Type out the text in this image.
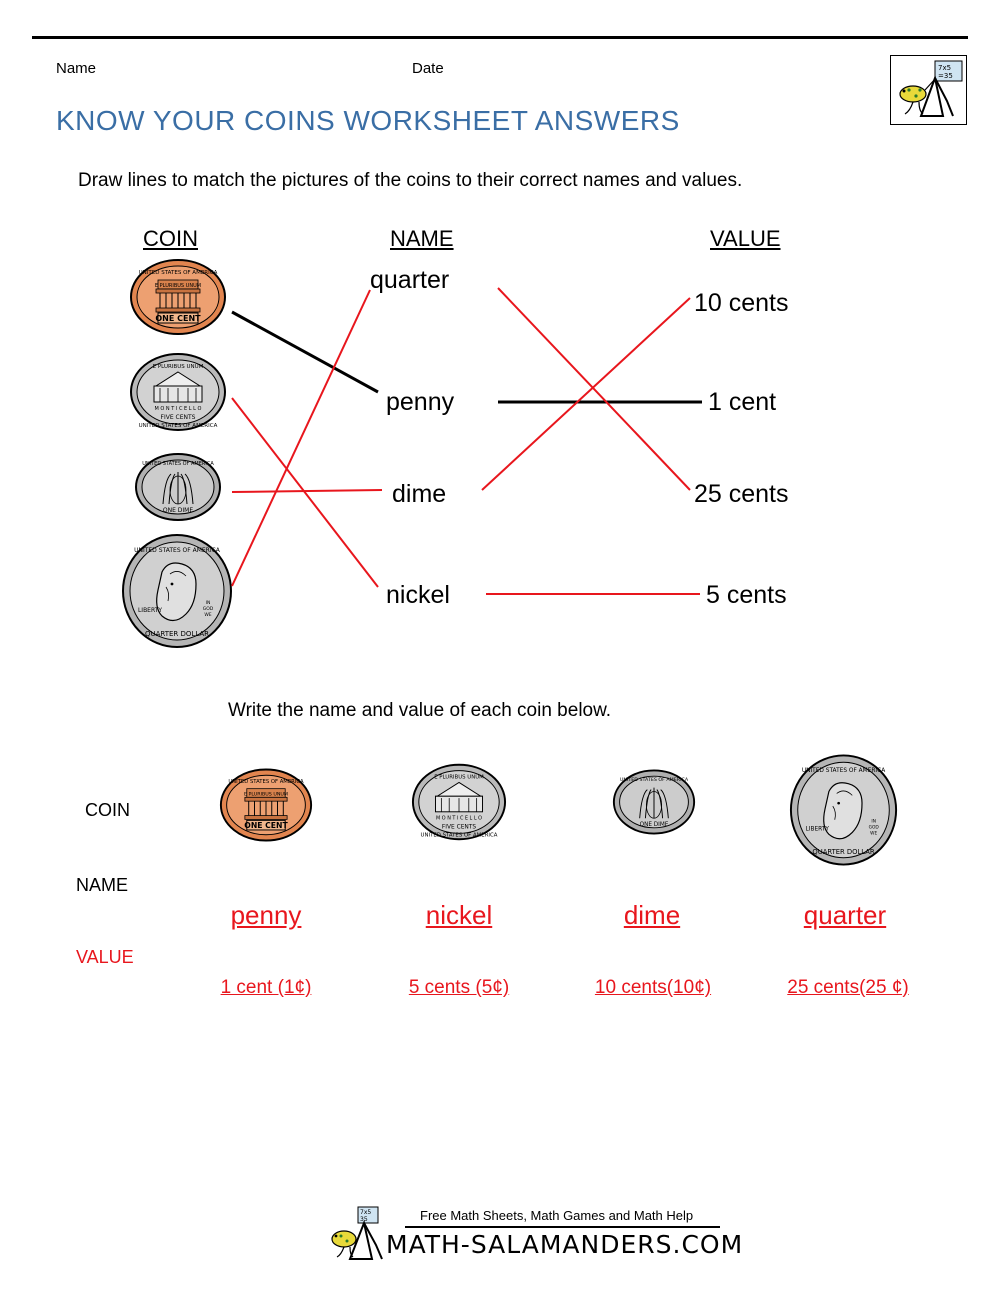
Name	Date
KNOW YOUR COINS WORKSHEET ANSWERS
7x5
=35
Draw lines to match the pictures of the coins to their correct names and values.
COIN	NAME	VALUE
UNITED STATES OF AMERICA
E PLURIBUS UNUM
ONE CENT
E PLURIBUS UNUM
M O N T I C E L L O
FIVE CENTS
UNITED STATES OF AMERICA
UNITED STATES OF AMERICA
ONE DIME
UNITED STATES OF AMERICA
LIBERTY
IN
GOD
WE
QUARTER DOLLAR
quarter
penny
dime
nickel
10 cents
1 cent
25 cents
5 cents
Write the name and value of each coin below.
COIN
NAME
VALUE
UNITED STATES OF AMERICA
E PLURIBUS UNUM
ONE CENT
E PLURIBUS UNUM
M O N T I C E L L O
FIVE CENTS
UNITED STATES OF AMERICA
UNITED STATES OF AMERICA
ONE DIME
UNITED STATES OF AMERICA
LIBERTY
IN
GOD
WE
QUARTER DOLLAR
penny	nickel	dime	quarter
1 cent (1¢)	5 cents (5¢)	10 cents(10¢)	25 cents(25 ¢)
7x5
35	Free Math Sheets, Math Games and Math Help
MATH-SALAMANDERS.COM
